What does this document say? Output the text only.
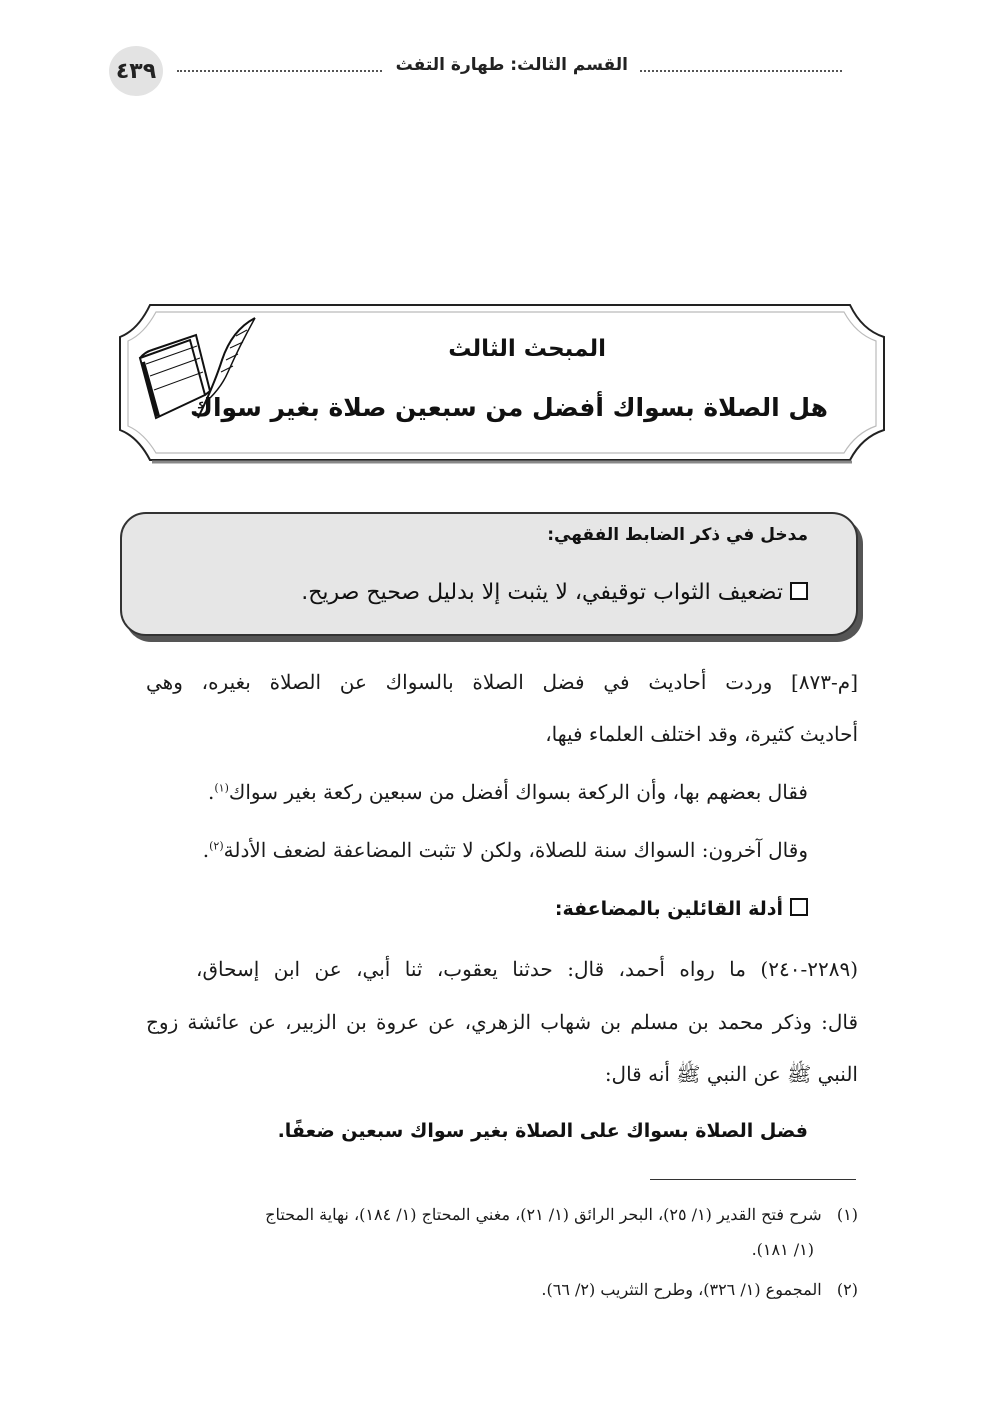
٤٣٩	القسم الثالث: طهارة التفث
المبحث الثالث
هل الصلاة بسواك أفضل من سبعين صلاة بغير سواك
مدخل في ذكر الضابط الفقهي:
تضعيف الثواب توقيفي، لا يثبت إلا بدليل صحيح صريح.
[م-٨٧٣] وردت أحاديث في فضل الصلاة بالسواك عن الصلاة بغيره، وهي
أحاديث كثيرة، وقد اختلف العلماء فيها،
فقال بعضهم بها، وأن الركعة بسواك أفضل من سبعين ركعة بغير سواك$^{(١)}$.
وقال آخرون: السواك سنة للصلاة، ولكن لا تثبت المضاعفة لضعف الأدلة$^{(٢)}$.
أدلة القائلين بالمضاعفة:
(٢٢٨٩-٢٤٠) ما رواه أحمد، قال: حدثنا يعقوب، ثنا أبي، عن ابن إسحاق،
قال: وذكر محمد بن مسلم بن شهاب الزهري، عن عروة بن الزبير، عن عائشة زوج
النبي ﷺ عن النبي ﷺ أنه قال:
فضل الصلاة بسواك على الصلاة بغير سواك سبعين ضعفًا.
(١)   شرح فتح القدير (١/ ٢٥)، البحر الرائق (١/ ٢١)، مغني المحتاج (١/ ١٨٤)، نهاية المحتاج
(١/ ١٨١).
(٢)   المجموع (١/ ٣٢٦)، وطرح التثريب (٢/ ٦٦).
